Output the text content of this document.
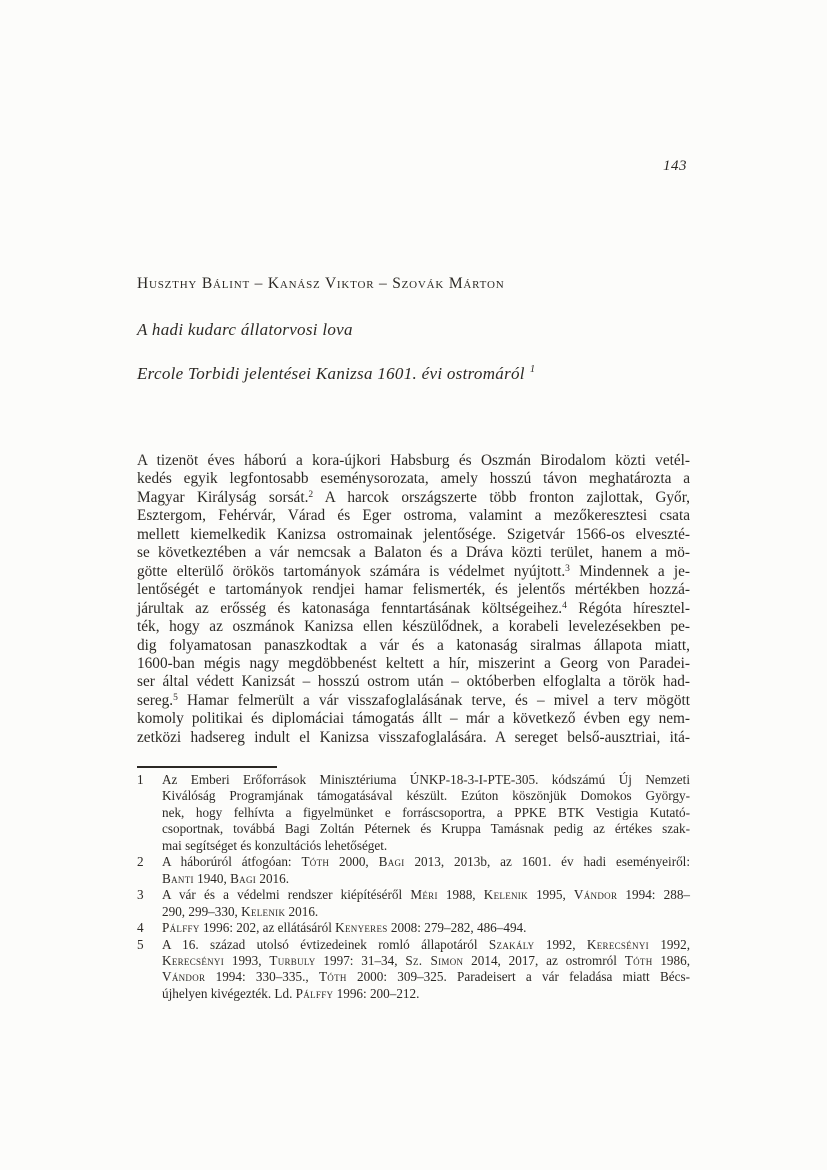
143
Huszthy Bálint – Kanász Viktor – Szovák Márton
A hadi kudarc állatorvosi lova
Ercole Torbidi jelentései Kanizsa 1601. évi ostromáról $^1$
A tizenöt éves háború a kora-újkori Habsburg és Oszmán Birodalom közti vetél-
kedés egyik legfontosabb eseménysorozata, amely hosszú távon meghatározta a
Magyar Királyság sorsát.$^2$ A harcok országszerte több fronton zajlottak, Győr,
Esztergom, Fehérvár, Várad és Eger ostroma, valamint a mezőkeresztesi csata
mellett kiemelkedik Kanizsa ostromainak jelentősége. Szigetvár 1566-os elveszté-
se következtében a vár nemcsak a Balaton és a Dráva közti terület, hanem a mö-
götte elterülő örökös tartományok számára is védelmet nyújtott.$^3$ Mindennek a je-
lentőségét e tartományok rendjei hamar felismerték, és jelentős mértékben hozzá-
járultak az erősség és katonasága fenntartásának költségeihez.$^4$ Régóta híresztel-
ték, hogy az oszmánok Kanizsa ellen készülődnek, a korabeli levelezésekben pe-
dig folyamatosan panaszkodtak a vár és a katonaság siralmas állapota miatt,
1600-ban mégis nagy megdöbbenést keltett a hír, miszerint a Georg von Paradei-
ser által védett Kanizsát – hosszú ostrom után – októberben elfoglalta a török had-
sereg.$^5$ Hamar felmerült a vár visszafoglalásának terve, és – mivel a terv mögött
komoly politikai és diplomáciai támogatás állt – már a következő évben egy nem-
zetközi hadsereg indult el Kanizsa visszafoglalására. A sereget belső-ausztriai, itá-
1	Az Emberi Erőforrások Minisztériuma ÚNKP-18-3-I-PTE-305. kódszámú Új Nemzeti
Kiválóság Programjának támogatásával készült. Ezúton köszönjük Domokos György-
nek, hogy felhívta a figyelmünket e forráscsoportra, a PPKE BTK Vestigia Kutató-
csoportnak, továbbá Bagi Zoltán Péternek és Kruppa Tamásnak pedig az értékes szak-
mai segítséget és konzultációs lehetőséget.
2	A háborúról átfogóan: Tóth 2000, Bagi 2013, 2013b, az 1601. év hadi eseményeiről:
Banti 1940, Bagi 2016.
3	A vár és a védelmi rendszer kiépítéséről Méri 1988, Kelenik 1995, Vándor 1994: 288–
290, 299–330, Kelenik 2016.
4	Pálffy 1996: 202, az ellátásáról Kenyeres 2008: 279–282, 486–494.
5	A 16. század utolsó évtizedeinek romló állapotáról Szakály 1992, Kerecsényi 1992,
Kerecsényi 1993, Turbuly 1997: 31–34, Sz. Simon 2014, 2017, az ostromról Tóth 1986,
Vándor 1994: 330–335., Tóth 2000: 309–325. Paradeisert a vár feladása miatt Bécs-
újhelyen kivégezték. Ld. Pálffy 1996: 200–212.
